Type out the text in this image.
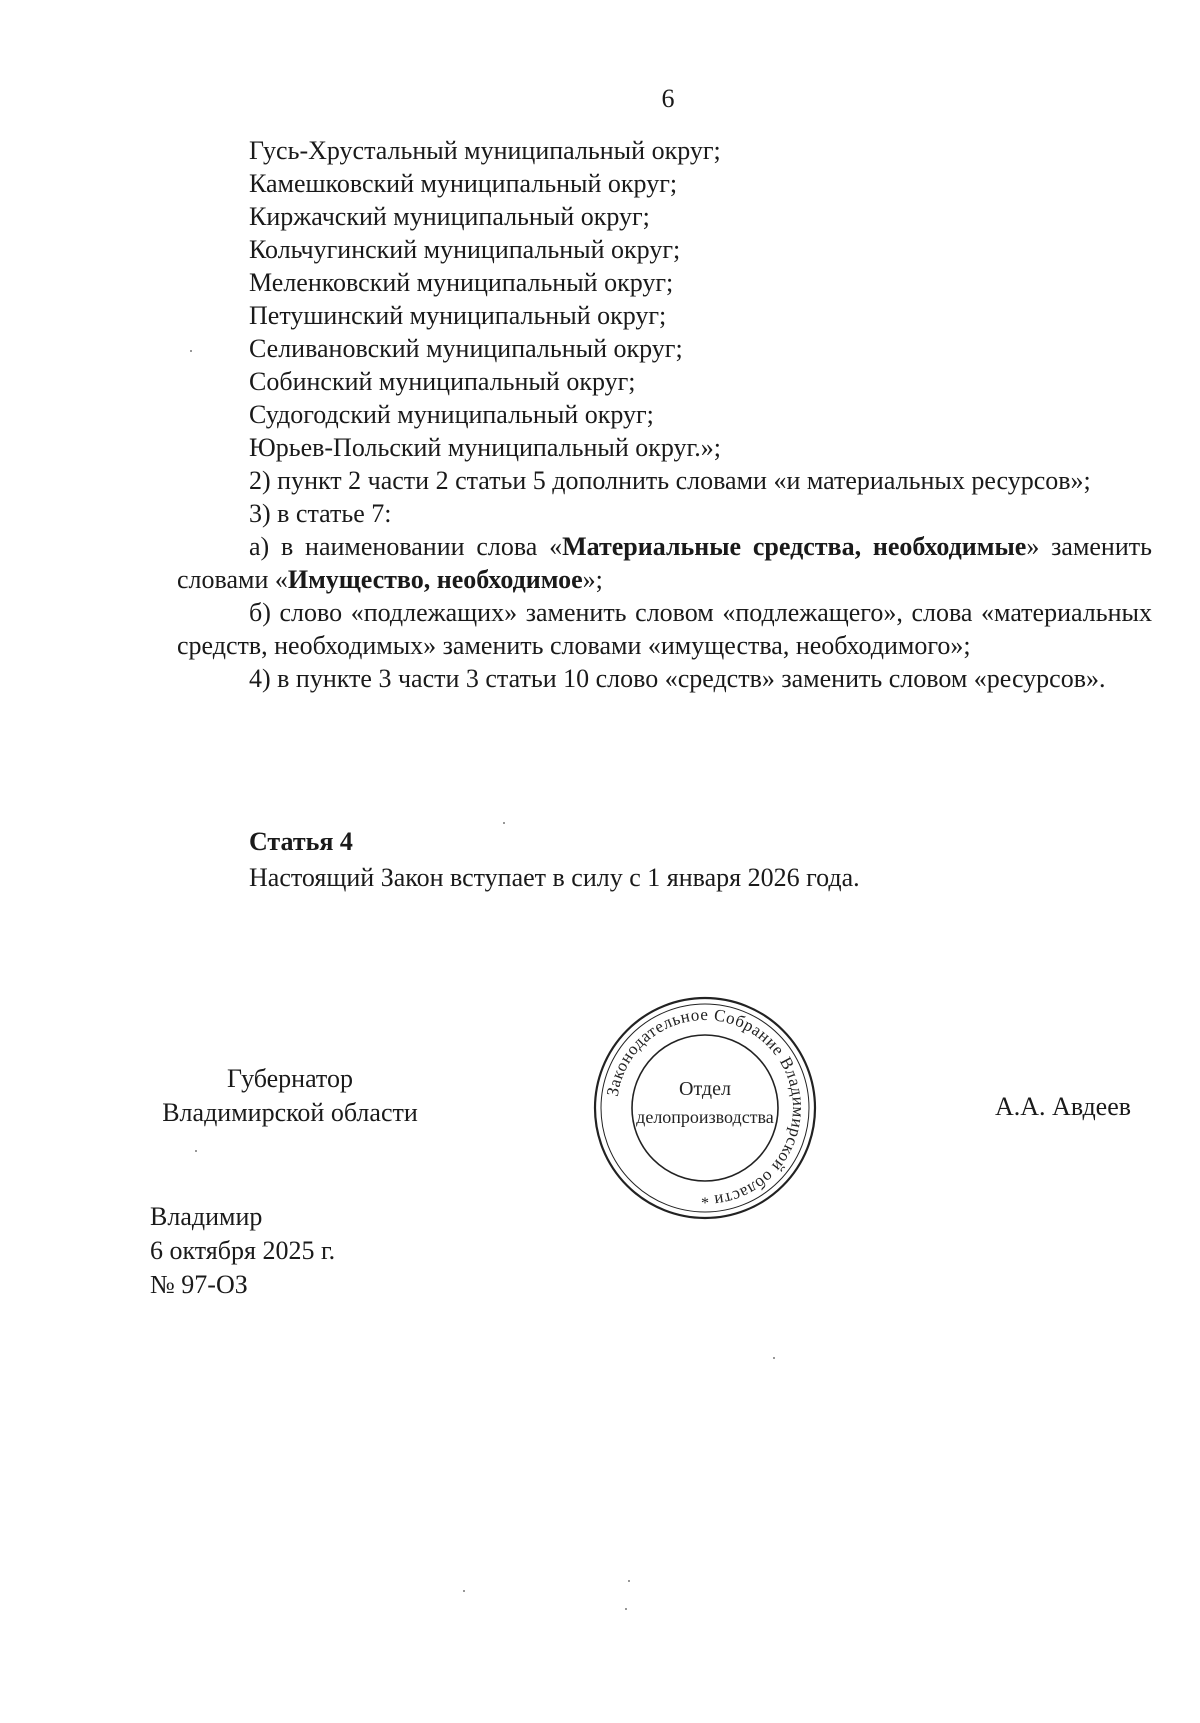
6

Гусь-Хрустальный муниципальный округ;

Камешковский муниципальный округ;

Киржачский муниципальный округ;

Кольчугинский муниципальный округ;

Меленковский муниципальный округ;

Петушинский муниципальный округ;

Селивановский муниципальный округ;

Собинский муниципальный округ;

Судогодский муниципальный округ;

Юрьев-Польский муниципальный округ.»;

2) пункт 2 части 2 статьи 5 дополнить словами «и материальных ресурсов»;

3) в статье 7:

а) в наименовании слова «Материальные средства, необходимые» заменить словами «Имущество, необходимое»;

б) слово «подлежащих» заменить словом «подлежащего», слова «материальных средств, необходимых» заменить словами «имущества, необходимого»;

4) в пункте 3 части 3 статьи 10 слово «средств» заменить словом «ресурсов».

Статья 4
Настоящий Закон вступает в силу с 1 января 2026 года.
Губернатор
Владимирской области
Законодательное Собрание Владимирской области
Отдел
делопроизводства
*
А.А. Авдеев
Владимир
6 октября 2025 г.
№ 97-ОЗ
